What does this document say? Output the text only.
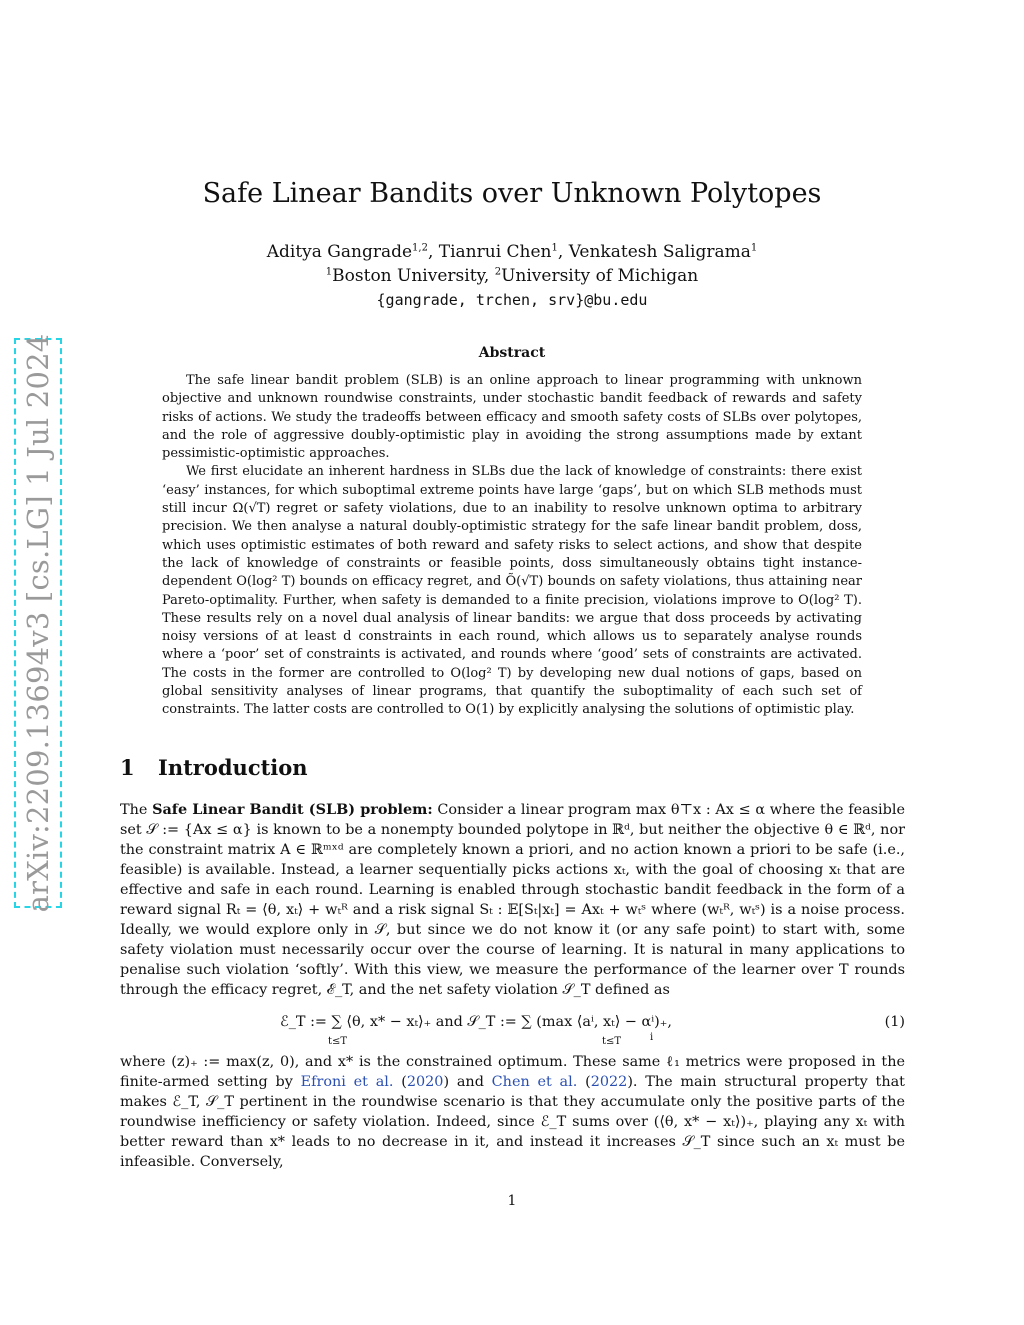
arXiv:2209.13694v3 [cs.LG] 1 Jul 2024
Safe Linear Bandits over Unknown Polytopes
Aditya Gangrade$^{1,2}$, Tianrui Chen$^1$, Venkatesh Saligrama$^1$
$^1$Boston University, $^2$University of Michigan
{gangrade, trchen, srv}@bu.edu
Abstract

The safe linear bandit problem (SLB) is an online approach to linear programming with unknown objective and unknown roundwise constraints, under stochastic bandit feedback of rewards and safety risks of actions. We study the tradeoffs between efficacy and smooth safety costs of SLBs over polytopes, and the role of aggressive doubly-optimistic play in avoiding the strong assumptions made by extant pessimistic-optimistic approaches.

We first elucidate an inherent hardness in SLBs due the lack of knowledge of constraints: there exist ‘easy’ instances, for which suboptimal extreme points have large ‘gaps’, but on which SLB methods must still incur Ω(√T) regret or safety violations, due to an inability to resolve unknown optima to arbitrary precision. We then analyse a natural doubly-optimistic strategy for the safe linear bandit problem, doss, which uses optimistic estimates of both reward and safety risks to select actions, and show that despite the lack of knowledge of constraints or feasible points, doss simultaneously obtains tight instance-dependent O(log² T) bounds on efficacy regret, and Õ(√T) bounds on safety violations, thus attaining near Pareto-optimality. Further, when safety is demanded to a finite precision, violations improve to O(log² T). These results rely on a novel dual analysis of linear bandits: we argue that doss proceeds by activating noisy versions of at least d constraints in each round, which allows us to separately analyse rounds where a ‘poor’ set of constraints is activated, and rounds where ‘good’ sets of constraints are activated. The costs in the former are controlled to O(log² T) by developing new dual notions of gaps, based on global sensitivity analyses of linear programs, that quantify the suboptimality of each such set of constraints. The latter costs are controlled to O(1) by explicitly analysing the solutions of optimistic play.

1 Introduction

The Safe Linear Bandit (SLB) problem: Consider a linear program max θ⊤x : Ax ≤ α where the feasible set 𝒮 := {Ax ≤ α} is known to be a nonempty bounded polytope in ℝᵈ, but neither the objective θ ∈ ℝᵈ, nor the constraint matrix A ∈ ℝᵐˣᵈ are completely known a priori, and no action known a priori to be safe (i.e., feasible) is available. Instead, a learner sequentially picks actions xₜ, with the goal of choosing xₜ that are effective and safe in each round. Learning is enabled through stochastic bandit feedback in the form of a reward signal Rₜ = ⟨θ, xₜ⟩ + wₜᴿ and a risk signal Sₜ : 𝔼[Sₜ|xₜ] = Axₜ + wₜˢ where (wₜᴿ, wₜˢ) is a noise process. Ideally, we would explore only in 𝒮, but since we do not know it (or any safe point) to start with, some safety violation must necessarily occur over the course of learning. It is natural in many applications to penalise such violation ‘softly’. With this view, we measure the performance of the learner over T rounds through the efficacy regret, ℰ_T, and the net safety violation 𝒮_T defined as

ℰ_T := ∑ ⟨θ, x* − xₜ⟩₊ and 𝒮_T := ∑ (max ⟨aⁱ, xₜ⟩ − αⁱ)₊,
t≤T	t≤T	i
(1)

where (z)₊ := max(z, 0), and x* is the constrained optimum. These same ℓ₁ metrics were proposed in the finite-armed setting by Efroni et al. (2020) and Chen et al. (2022). The main structural property that makes ℰ_T, 𝒮_T pertinent in the roundwise scenario is that they accumulate only the positive parts of the roundwise inefficiency or safety violation. Indeed, since ℰ_T sums over (⟨θ, x* − xₜ⟩)₊, playing any xₜ with better reward than x* leads to no decrease in it, and instead it increases 𝒮_T since such an xₜ must be infeasible. Conversely,

1
